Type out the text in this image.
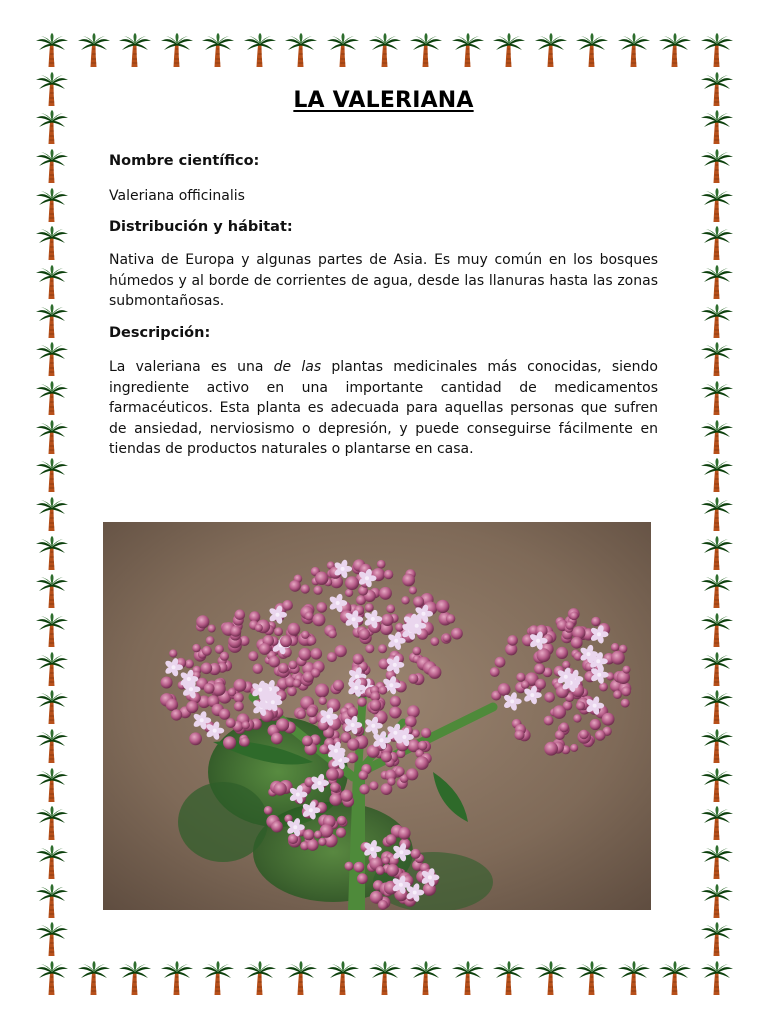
LA VALERIANA
Nombre científico:
Valeriana officinalis
Distribución y hábitat:
Nativa de Europa y algunas partes de Asia. Es muy común en los bosques húmedos y al borde de corrientes de agua, desde las llanuras hasta las zonas submontañosas.
Descripción:
La valeriana es una de las plantas medicinales más conocidas, siendo ingrediente activo en una importante cantidad de medicamentos farmacéuticos. Esta planta es adecuada para aquellas personas que sufren de ansiedad, nerviosismo o depresión, y puede conseguirse fácilmente en tiendas de productos naturales o plantarse en casa.
